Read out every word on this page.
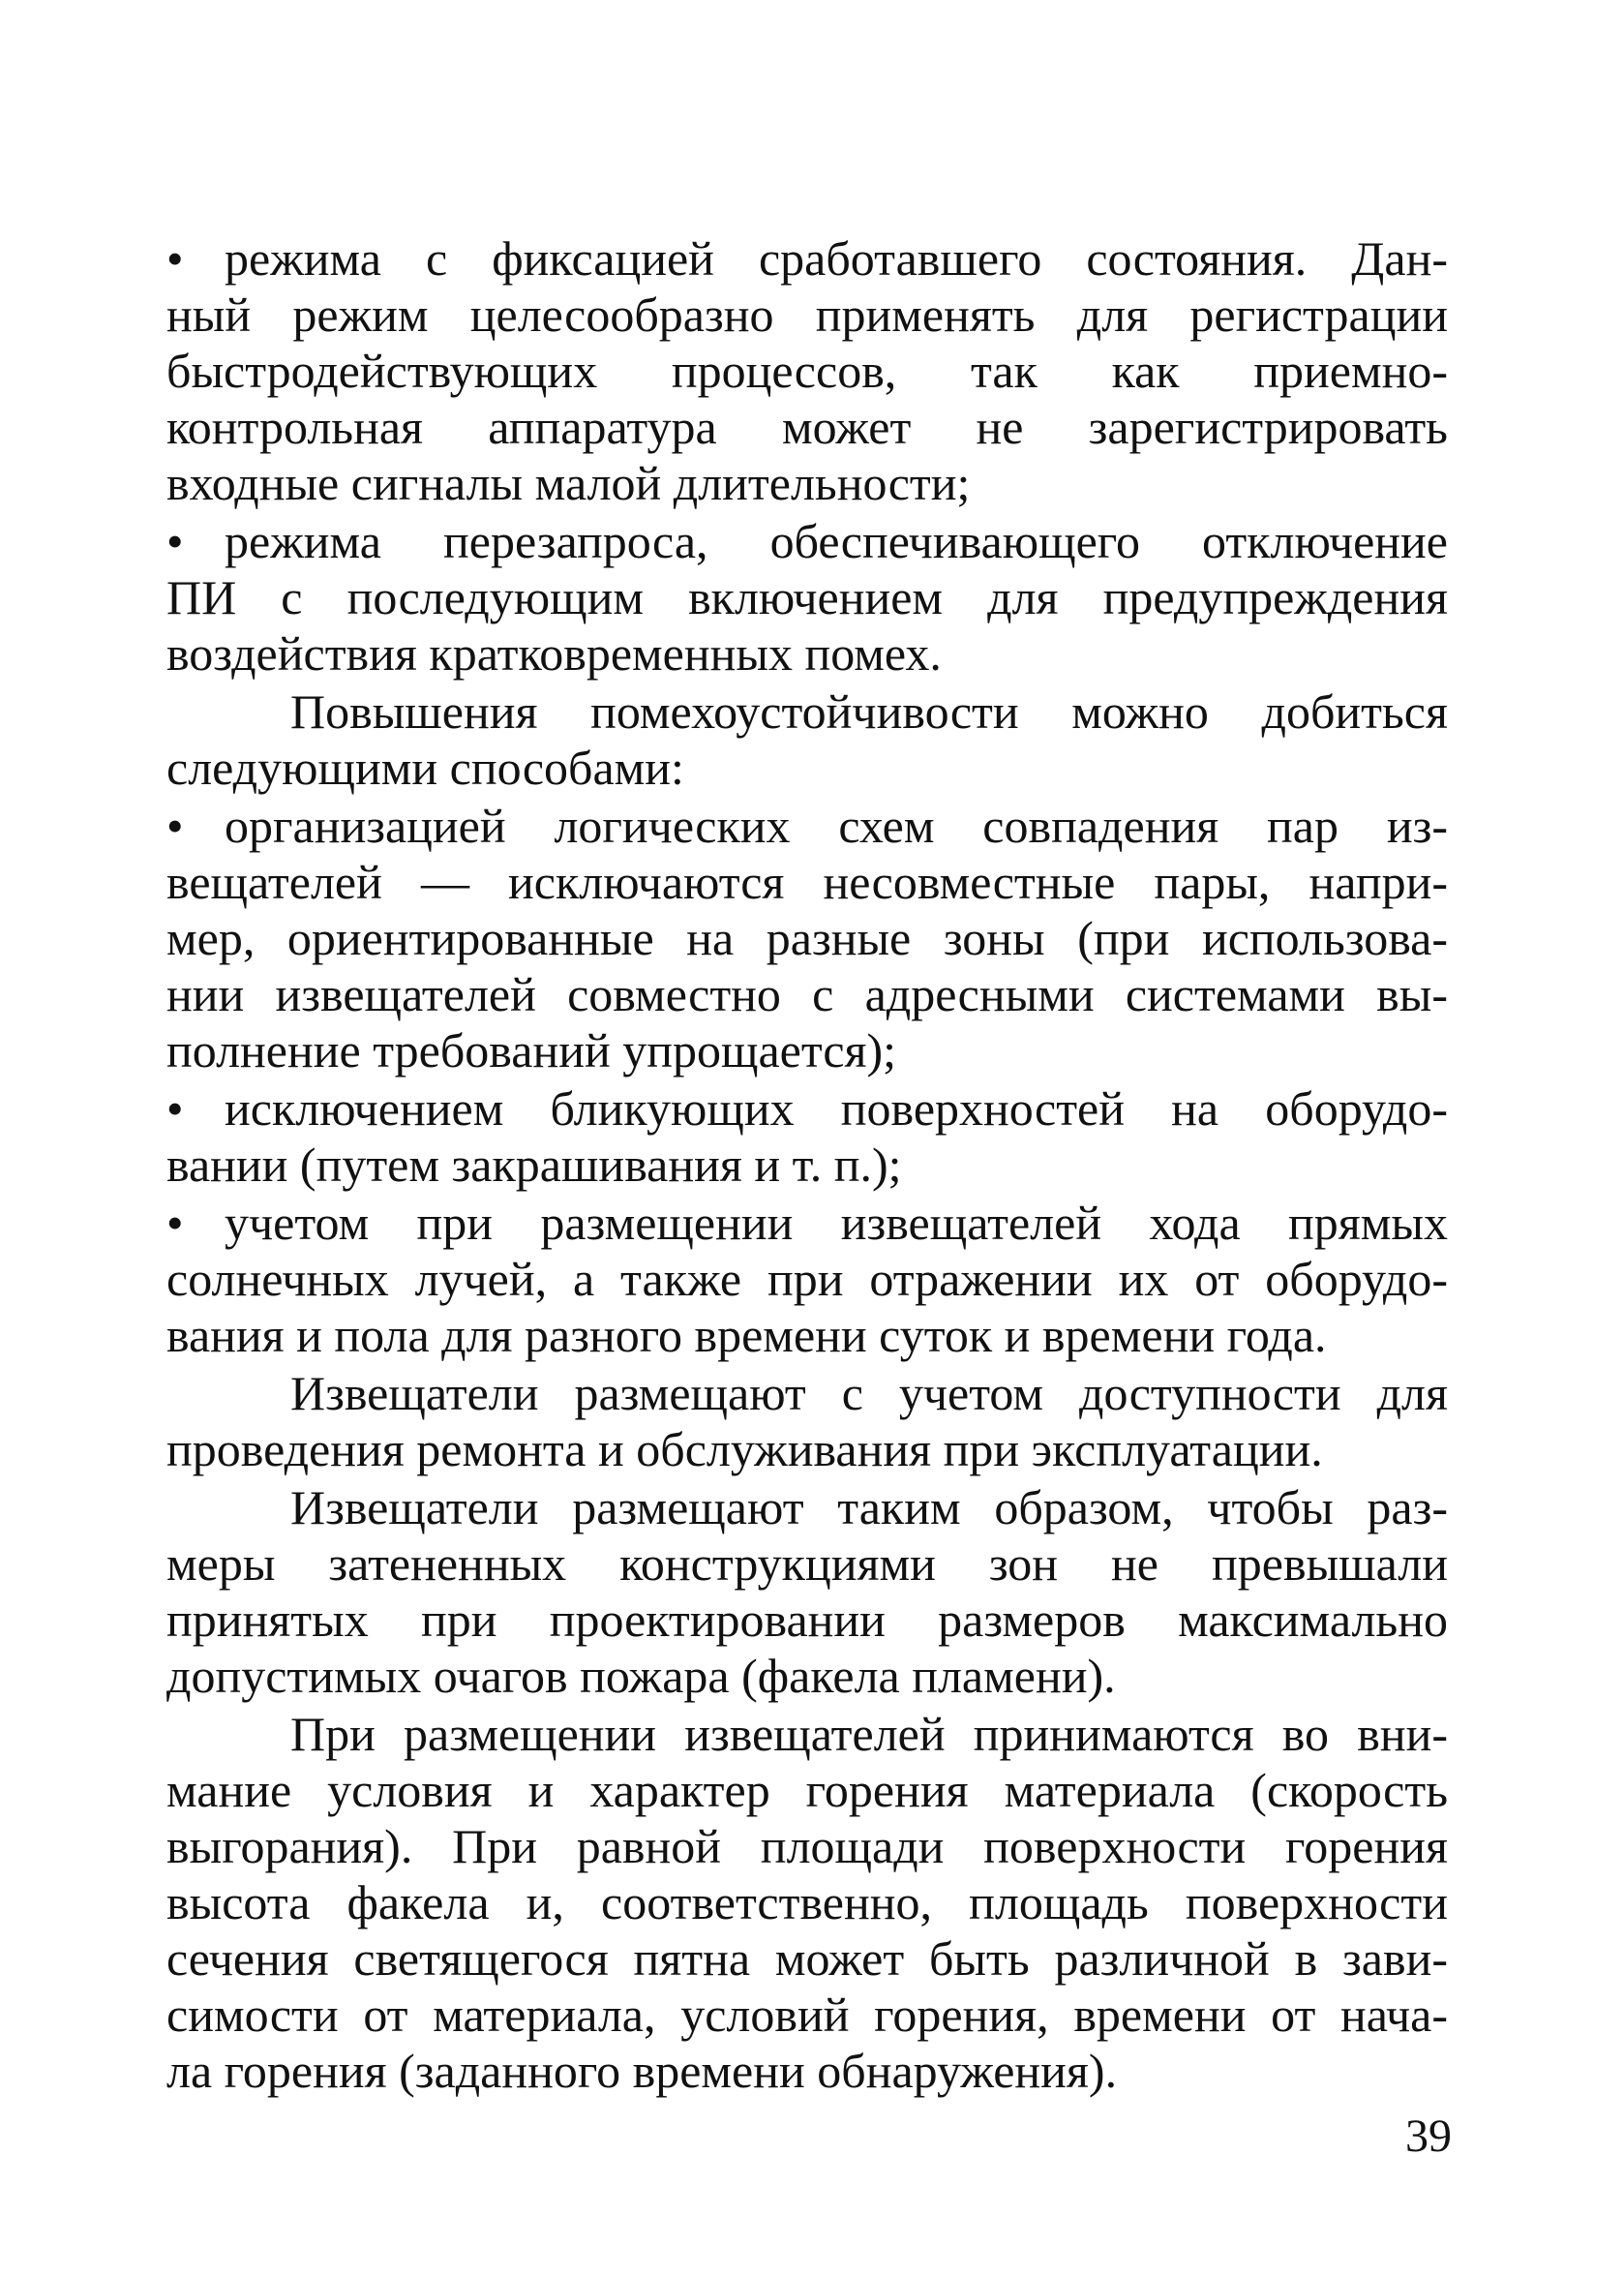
• режима с фиксацией сработавшего состояния. Дан-
ный режим целесообразно применять для регистрации
быстродействующих процессов, так как приемно-
контрольная аппаратура может не зарегистрировать
входные сигналы малой длительности;
• режима перезапроса, обеспечивающего отключение
ПИ с последующим включением для предупреждения
воздействия кратковременных помех.
Повышения помехоустойчивости можно добиться
следующими способами:
• организацией логических схем совпадения пар из-
вещателей — исключаются несовместные пары, напри-
мер, ориентированные на разные зоны (при использова-
нии извещателей совместно с адресными системами вы-
полнение требований упрощается);
• исключением бликующих поверхностей на оборудо-
вании (путем закрашивания и т. п.);
• учетом при размещении извещателей хода прямых
солнечных лучей, а также при отражении их от оборудо-
вания и пола для разного времени суток и времени года.
Извещатели размещают с учетом доступности для
проведения ремонта и обслуживания при эксплуатации.
Извещатели размещают таким образом, чтобы раз-
меры затененных конструкциями зон не превышали
принятых при проектировании размеров максимально
допустимых очагов пожара (факела пламени).
При размещении извещателей принимаются во вни-
мание условия и характер горения материала (скорость
выгорания). При равной площади поверхности горения
высота факела и, соответственно, площадь поверхности
сечения светящегося пятна может быть различной в зави-
симости от материала, условий горения, времени от нача-
ла горения (заданного времени обнаружения).
39
